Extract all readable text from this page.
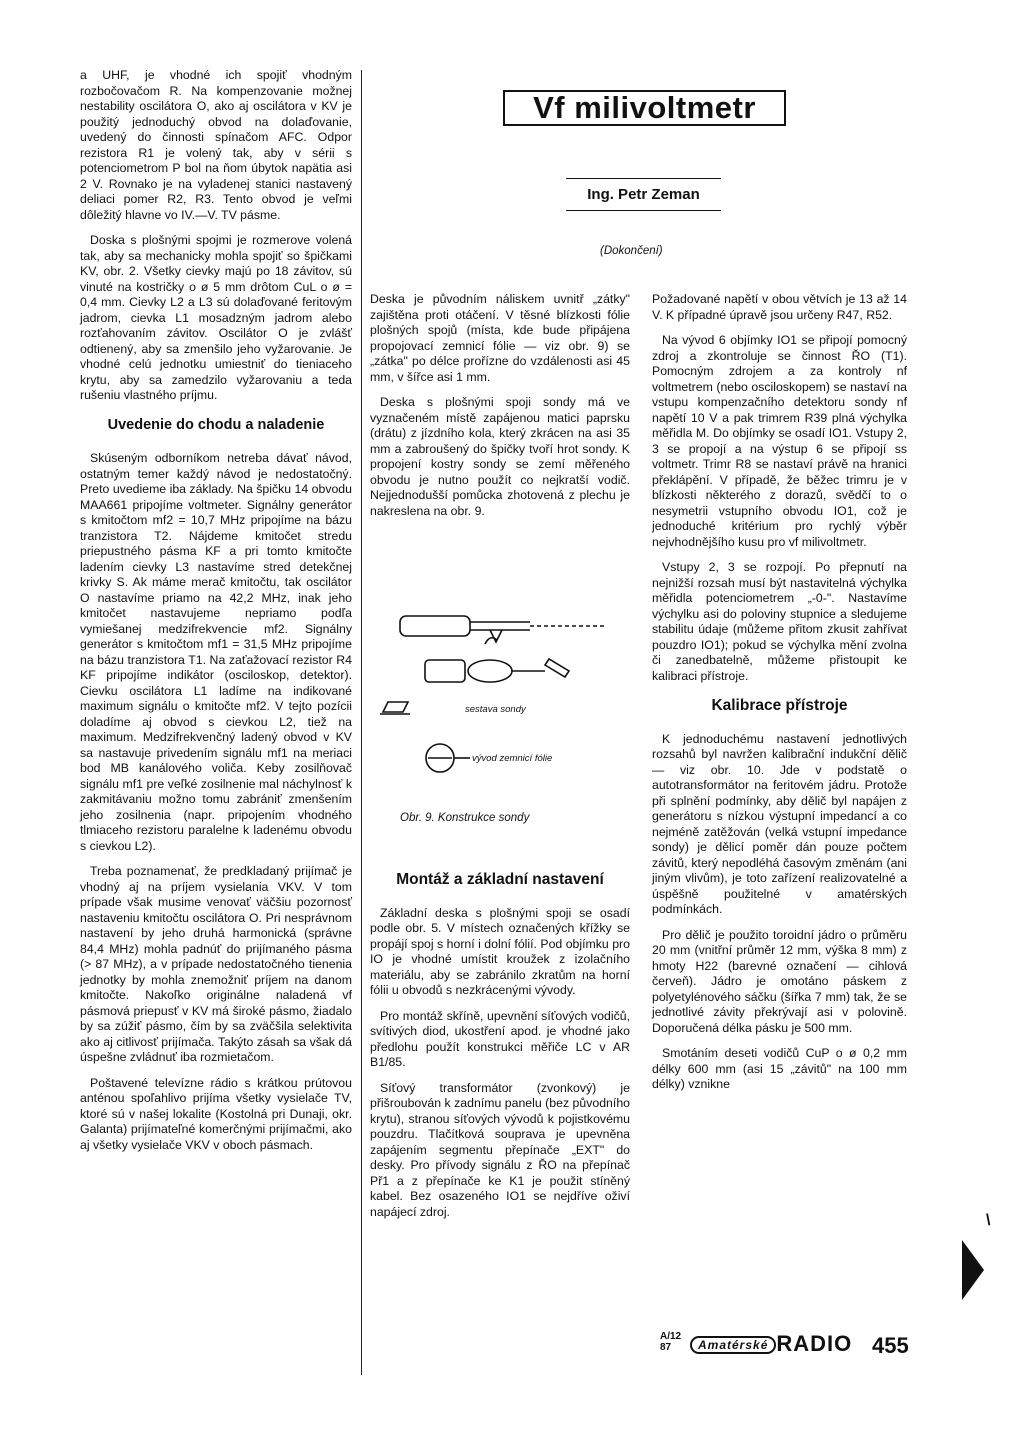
a UHF, je vhodné ich spojiť vhodným rozbočovačom R. Na kompenzovanie možnej nestability oscilátora O, ako aj oscilátora v KV je použitý jednoduchý obvod na dolaďovanie, uvedený do činnosti spínačom AFC. Odpor rezistora R1 je volený tak, aby v sérii s potenciometrom P bol na ňom úbytok napätia asi 2 V. Rovnako je na vyladenej stanici nastavený deliaci pomer R2, R3. Tento obvod je veľmi dôležitý hlavne vo IV.—V. TV pásme.

Doska s plošnými spojmi je rozmerove volená tak, aby sa mechanicky mohla spojiť so špičkami KV, obr. 2. Všetky cievky majú po 18 závitov, sú vinuté na kostričky o ø 5 mm drôtom CuL o ø = 0,4 mm. Cievky L2 a L3 sú dolaďované feritovým jadrom, cievka L1 mosadzným jadrom alebo rozťahovaním závitov. Oscilátor O je zvlášť odtienený, aby sa zmenšilo jeho vyžarovanie. Je vhodné celú jednotku umiestniť do tieniaceho krytu, aby sa zamedzilo vyžarovaniu a teda rušeniu vlastného príjmu.

Uvedenie do chodu a naladenie

Skúseným odborníkom netreba dávať návod, ostatným temer každý návod je nedostatočný. Preto uvedieme iba základy. Na špičku 14 obvodu MAA661 pripojíme voltmeter. Signálny generátor s kmitočtom mf2 = 10,7 MHz pripojíme na bázu tranzistora T2. Nájdeme kmitočet stredu priepustného pásma KF a pri tomto kmitočte ladením cievky L3 nastavíme stred detekčnej krivky S. Ak máme merač kmitočtu, tak oscilátor O nastavíme priamo na 42,2 MHz, inak jeho kmitočet nastavujeme nepriamo podľa vymiešanej medzifrekvencie mf2. Signálny generátor s kmitočtom mf1 = 31,5 MHz pripojíme na bázu tranzistora T1. Na zaťažovací rezistor R4 KF pripojíme indikátor (osciloskop, detektor). Cievku oscilátora L1 ladíme na indikované maximum signálu o kmitočte mf2. V tejto pozícii doladíme aj obvod s cievkou L2, tiež na maximum. Medzifrekvenčný ladený obvod v KV sa nastavuje privedením signálu mf1 na meriaci bod MB kanálového voliča. Keby zosilňovač signálu mf1 pre veľké zosilnenie mal náchylnosť k zakmitávaniu možno tomu zabrániť zmenšením jeho zosilnenia (napr. pripojením vhodného tlmiaceho rezistoru paralelne k ladenému obvodu s cievkou L2).

Treba poznamenať, že predkladaný prijímač je vhodný aj na príjem vysielania VKV. V tom prípade však musime venovať väčšiu pozornosť nastaveniu kmitočtu oscilátora O. Pri nesprávnom nastavení by jeho druhá harmonická (správne 84,4 MHz) mohla padnúť do prijímaného pásma (> 87 MHz), a v prípade nedostatočného tienenia jednotky by mohla znemožniť príjem na danom kmitočte. Nakoľko originálne naladená vf pásmová priepusť v KV má široké pásmo, žiadalo by sa zúžiť pásmo, čím by sa zväčšila selektivita ako aj citlivosť prijímača. Takýto zásah sa však dá úspešne zvládnuť iba rozmietačom.

Poštavené televízne rádio s krátkou prútovou anténou spoľahlivo prijíma všetky vysielače TV, ktoré sú v našej lokalite (Kostolná pri Dunaji, okr. Galanta) prijímateľné komerčnými prijímačmi, ako aj všetky vysielače VKV v oboch pásmach.

Vf milivoltmetr
Ing. Petr Zeman
(Dokončení)

Deska je původním náliskem uvnitř „zátky" zajištěna proti otáčení. V těsné blízkosti fólie plošných spojů (místa, kde bude připájena propojovací zemnicí fólie — viz obr. 9) se „zátka" po délce proříznе do vzdálenosti asi 45 mm, v šířce asi 1 mm.

Deska s plošnými spoji sondy má ve vyznačeném místě zapájenou matici paprsku (drátu) z jízdního kola, který zkrácen na asi 35 mm a zabroušený do špičky tvoří hrot sondy. K propojení kostry sondy se zemí měřeného obvodu je nutno použít co nejkratší vodič. Nejjednodušší pomůcka zhotovená z plechu je nakreslena na obr. 9.

sestava sondy
vývod zemnicí fólie
Obr. 9. Konstrukce sondy
Montáž a základní nastavení

Základní deska s plošnými spoji se osadí podle obr. 5. V místech označených křížky se propájí spoj s horní i dolní fólií. Pod objímku pro IO je vhodné umístit kroužek z izolačního materiálu, aby se zabránilo zkratům na horní fólii u obvodů s nezkrácenými vývody.

Pro montáž skříně, upevnění síťových vodičů, svítivých diod, ukostření apod. je vhodné jako předlohu použít konstrukci měřiče LC v AR B1/85.

Síťový transformátor (zvonkový) je přišroubován k zadnímu panelu (bez původního krytu), stranou síťových vývodů k pojistkovému pouzdru. Tlačítková souprava je upevněna zapájením segmentu přepínače „EXT" do desky. Pro přívody signálu z ŘO na přepínač Př1 a z přepínače ke K1 je použit stíněný kabel. Bez osazeného IO1 se nejdříve oživí napájecí zdroj.

Požadované napětí v obou větvích je 13 až 14 V. K případné úpravě jsou určeny R47, R52.

Na vývod 6 objímky IO1 se připojí pomocný zdroj a zkontroluje se činnost ŘO (T1). Pomocným zdrojem a za kontroly nf voltmetrem (nebo osciloskopem) se nastaví na vstupu kompenzačního detektoru sondy nf napětí 10 V a pak trimrem R39 plná výchylka měřidla M. Do objímky se osadí IO1. Vstupy 2, 3 se propojí a na výstup 6 se připojí ss voltmetr. Trimr R8 se nastaví právě na hranici překlápění. V případě, že běžec trimru je v blízkosti některého z dorazů, svědčí to o nesymetrii vstupního obvodu IO1, což je jednoduché kritérium pro rychlý výběr nejvhodnějšího kusu pro vf milivoltmetr.

Vstupy 2, 3 se rozpojí. Po přepnutí na nejnižší rozsah musí být nastavitelná výchylka měřidla potenciometrem „-0-". Nastavíme výchylku asi do poloviny stupnice a sledujeme stabilitu údaje (můžeme přitom zkusit zahřívat pouzdro IO1); pokud se výchylka mění zvolna či zanedbatelně, můžeme přistoupit ke kalibraci přístroje.

Kalibrace přístroje

K jednoduchému nastavení jednotlivých rozsahů byl navržen kalibrační indukční dělič — viz obr. 10. Jde v podstatě o autotransformátor na feritovém jádru. Protože při splnění podmínky, aby dělič byl napájen z generátoru s nízkou výstupní impedancí a co nejméně zatěžován (velká vstupní impedance sondy) je dělicí poměr dán pouze počtem závitů, který nepodléhá časovým změnám (ani jiným vlivům), je toto zařízení realizovatelné a úspěšně použitelné v amatérských podmínkách.

Pro dělič je použito toroidní jádro o průměru 20 mm (vnitřní průměr 12 mm, výška 8 mm) z hmoty H22 (barevné označení — cihlová červeň). Jádro je omotáno páskem z polyetylénového sáčku (šířka 7 mm) tak, že se jednotlivé závity překrývají asi v polovině. Doporučená délka pásku je 500 mm.

Smotáním deseti vodičů CuP o ø 0,2 mm délky 600 mm (asi 15 „závitů" na 100 mm délky) vznikne

A/12
87	Amatérské RADIO 455
\
